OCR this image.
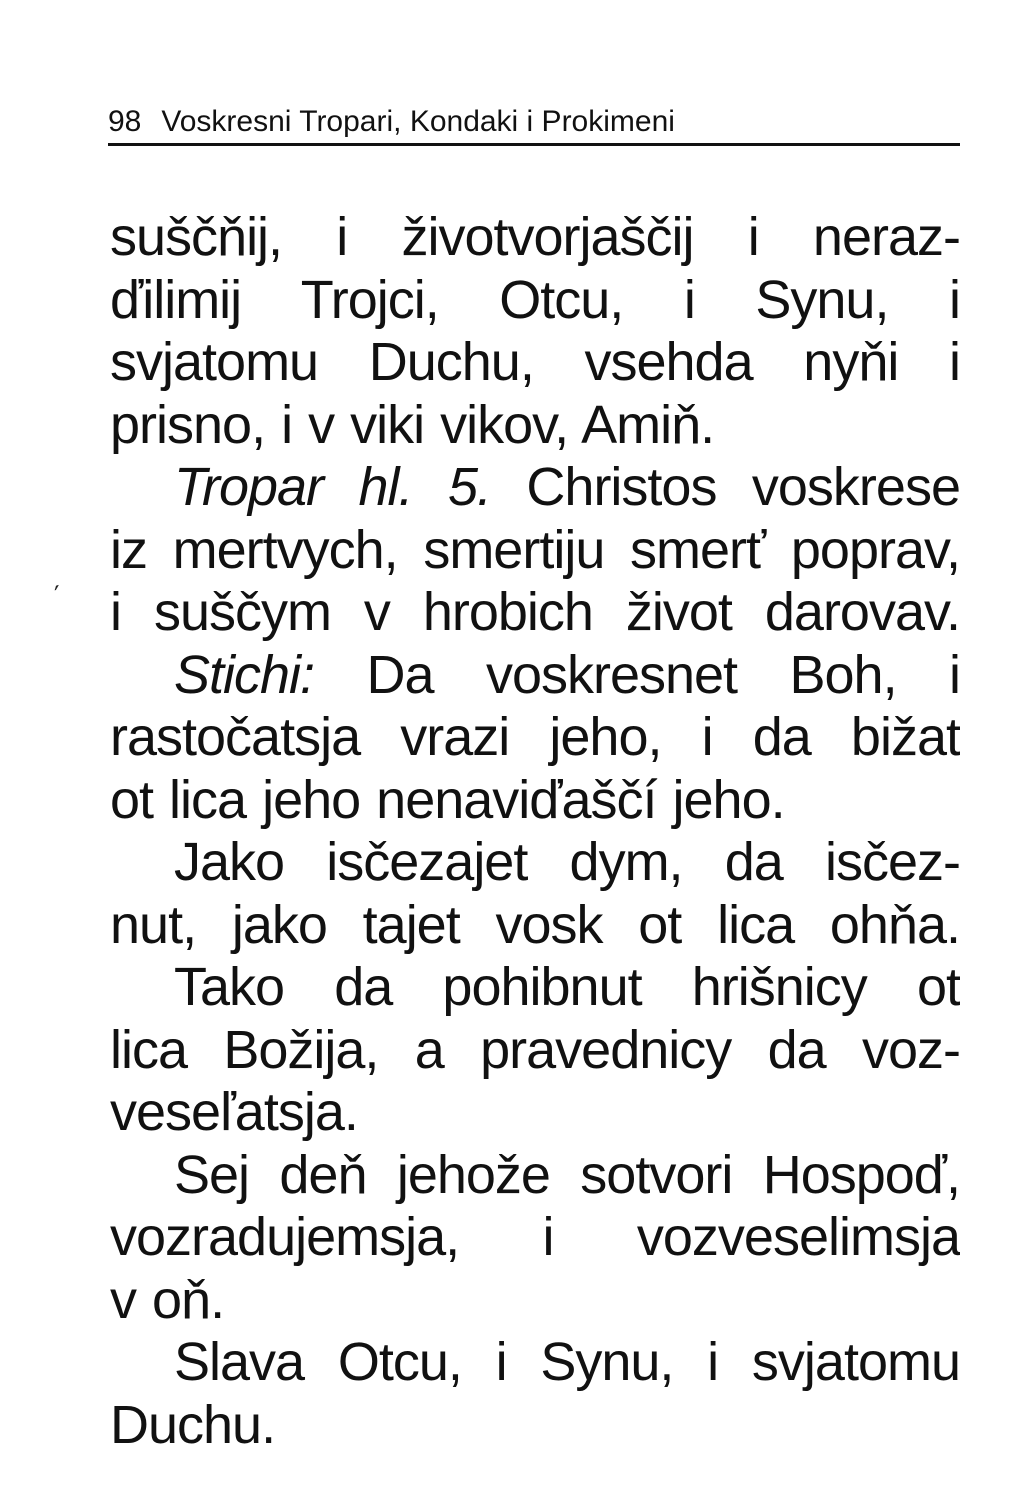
98 Voskresni Tropari, Kondaki i Prokimeni
´
suščňij, i životvorjaščij i neraz-
ďilimij Trojci, Otcu, i Synu, i
svjatomu Duchu, vsehda nyňi i
prisno, i v viki vikov, Amiň.
Tropar hl. 5. Christos voskrese
iz mertvych, smertiju smerť poprav,
i suščym v hrobich život darovav.
Stichi: Da voskresnet Boh, i
rastočatsja vrazi jeho, i da bižat
ot lica jeho nenaviďaščí jeho.
Jako isčezajet dym, da isčez-
nut, jako tajet vosk ot lica ohňa.
Tako da pohibnut hrišnicy ot
lica Božija, a pravednicy da voz-
veseľatsja.
Sej deň jehože sotvori Hospoď,
vozradujemsja, i vozveselimsja
v oň.
Slava Otcu, i Synu, i svjatomu
Duchu.
